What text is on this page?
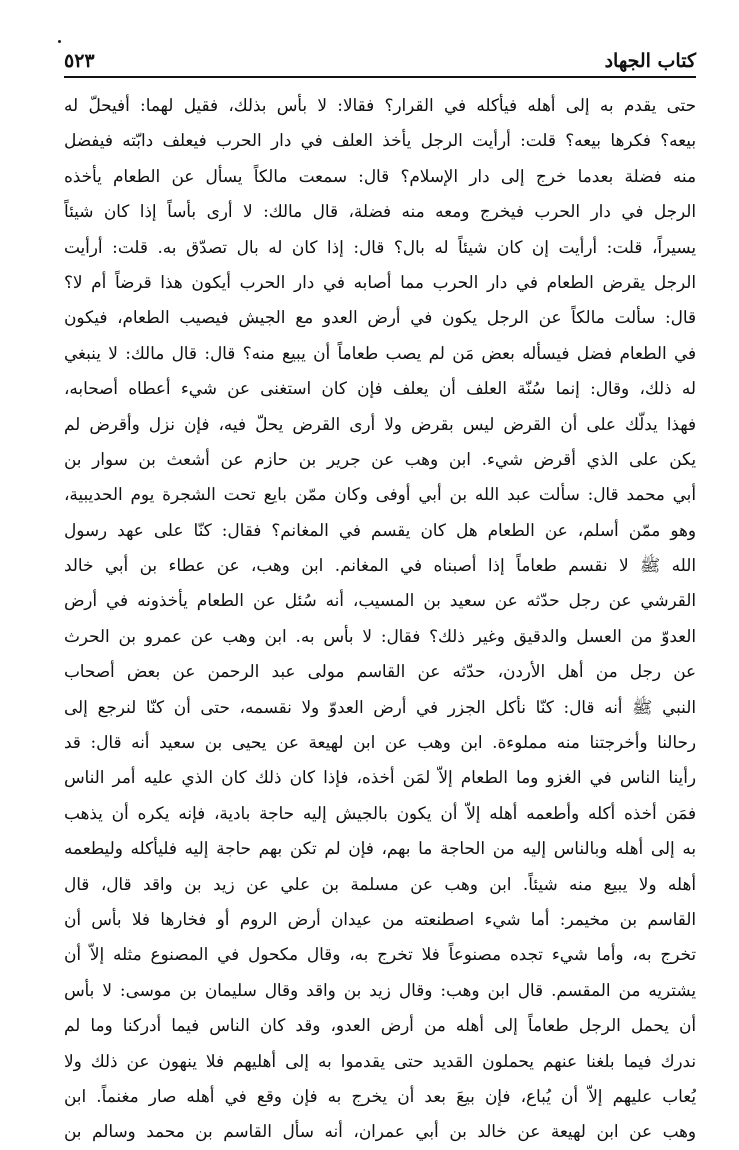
كتاب الجهاد
٥٢٣
حتى يقدم به إلى أهله فيأكله في القرار؟ فقالا: لا بأس بذلك، فقيل لهما: أفيحلّ له
بيعه؟ فكرها بيعه؟ قلت: أرأيت الرجل يأخذ العلف في دار الحرب فيعلف دابّته فيفضل
منه فضلة بعدما خرج إلى دار الإسلام؟ قال: سمعت مالكاً يسأل عن الطعام يأخذه
الرجل في دار الحرب فيخرج ومعه منه فضلة، قال مالك: لا أرى بأساً إذا كان شيئاً
يسيراً، قلت: أرأيت إن كان شيئاً له بال؟ قال: إذا كان له بال تصدّق به. قلت: أرأيت
الرجل يقرض الطعام في دار الحرب مما أصابه في دار الحرب أيكون هذا قرضاً أم لا؟
قال: سألت مالكاً عن الرجل يكون في أرض العدو مع الجيش فيصيب الطعام، فيكون
في الطعام فضل فيسأله بعض مَن لم يصب طعاماً أن يبيع منه؟ قال: قال مالك: لا ينبغي
له ذلك، وقال: إنما سُنّة العلف أن يعلف فإن كان استغنى عن شيء أعطاه أصحابه،
فهذا يدلّك على أن القرض ليس بقرض ولا أرى القرض يحلّ فيه، فإن نزل وأقرض لم
يكن على الذي أقرض شيء. ابن وهب عن جرير بن حازم عن أشعث بن سوار بن
أبي محمد قال: سألت عبد الله بن أبي أوفى وكان ممّن بايع تحت الشجرة يوم الحديبية،
وهو ممّن أسلم، عن الطعام هل كان يقسم في المغانم؟ فقال: كنّا على عهد رسول
الله ﷺ لا نقسم طعاماً إذا أصبناه في المغانم. ابن وهب، عن عطاء بن أبي خالد
القرشي عن رجل حدّثه عن سعيد بن المسيب، أنه سُئل عن الطعام يأخذونه في أرض
العدوّ من العسل والدقيق وغير ذلك؟ فقال: لا بأس به. ابن وهب عن عمرو بن الحرث
عن رجل من أهل الأردن، حدّثه عن القاسم مولى عبد الرحمن عن بعض أصحاب
النبي ﷺ أنه قال: كنّا نأكل الجزر في أرض العدوّ ولا نقسمه، حتى أن كنّا لنرجع إلى
رحالنا وأخرجتنا منه مملوءة. ابن وهب عن ابن لهيعة عن يحيى بن سعيد أنه قال: قد
رأينا الناس في الغزو وما الطعام إلاّ لمَن أخذه، فإذا كان ذلك كان الذي عليه أمر الناس
فمَن أخذه أكله وأطعمه أهله إلاّ أن يكون بالجيش إليه حاجة بادية، فإنه يكره أن يذهب
به إلى أهله وبالناس إليه من الحاجة ما بهم، فإن لم تكن بهم حاجة إليه فليأكله وليطعمه
أهله ولا يبيع منه شيئاً. ابن وهب عن مسلمة بن علي عن زيد بن واقد قال، قال
القاسم بن مخيمر: أما شيء اصطنعته من عيدان أرض الروم أو فخارها فلا بأس أن
تخرج به، وأما شيء تجده مصنوعاً فلا تخرج به، وقال مكحول في المصنوع مثله إلاّ أن
يشتريه من المقسم. قال ابن وهب: وقال زيد بن واقد وقال سليمان بن موسى: لا بأس
أن يحمل الرجل طعاماً إلى أهله من أرض العدو، وقد كان الناس فيما أدركنا وما لم
ندرك فيما بلغنا عنهم يحملون القديد حتى يقدموا به إلى أهليهم فلا ينهون عن ذلك ولا
يُعاب عليهم إلاّ أن يُباع، فإن بيعَ بعد أن يخرج به فإن وقع في أهله صار مغنماً. ابن
وهب عن ابن لهيعة عن خالد بن أبي عمران، أنه سأل القاسم بن محمد وسالم بن
